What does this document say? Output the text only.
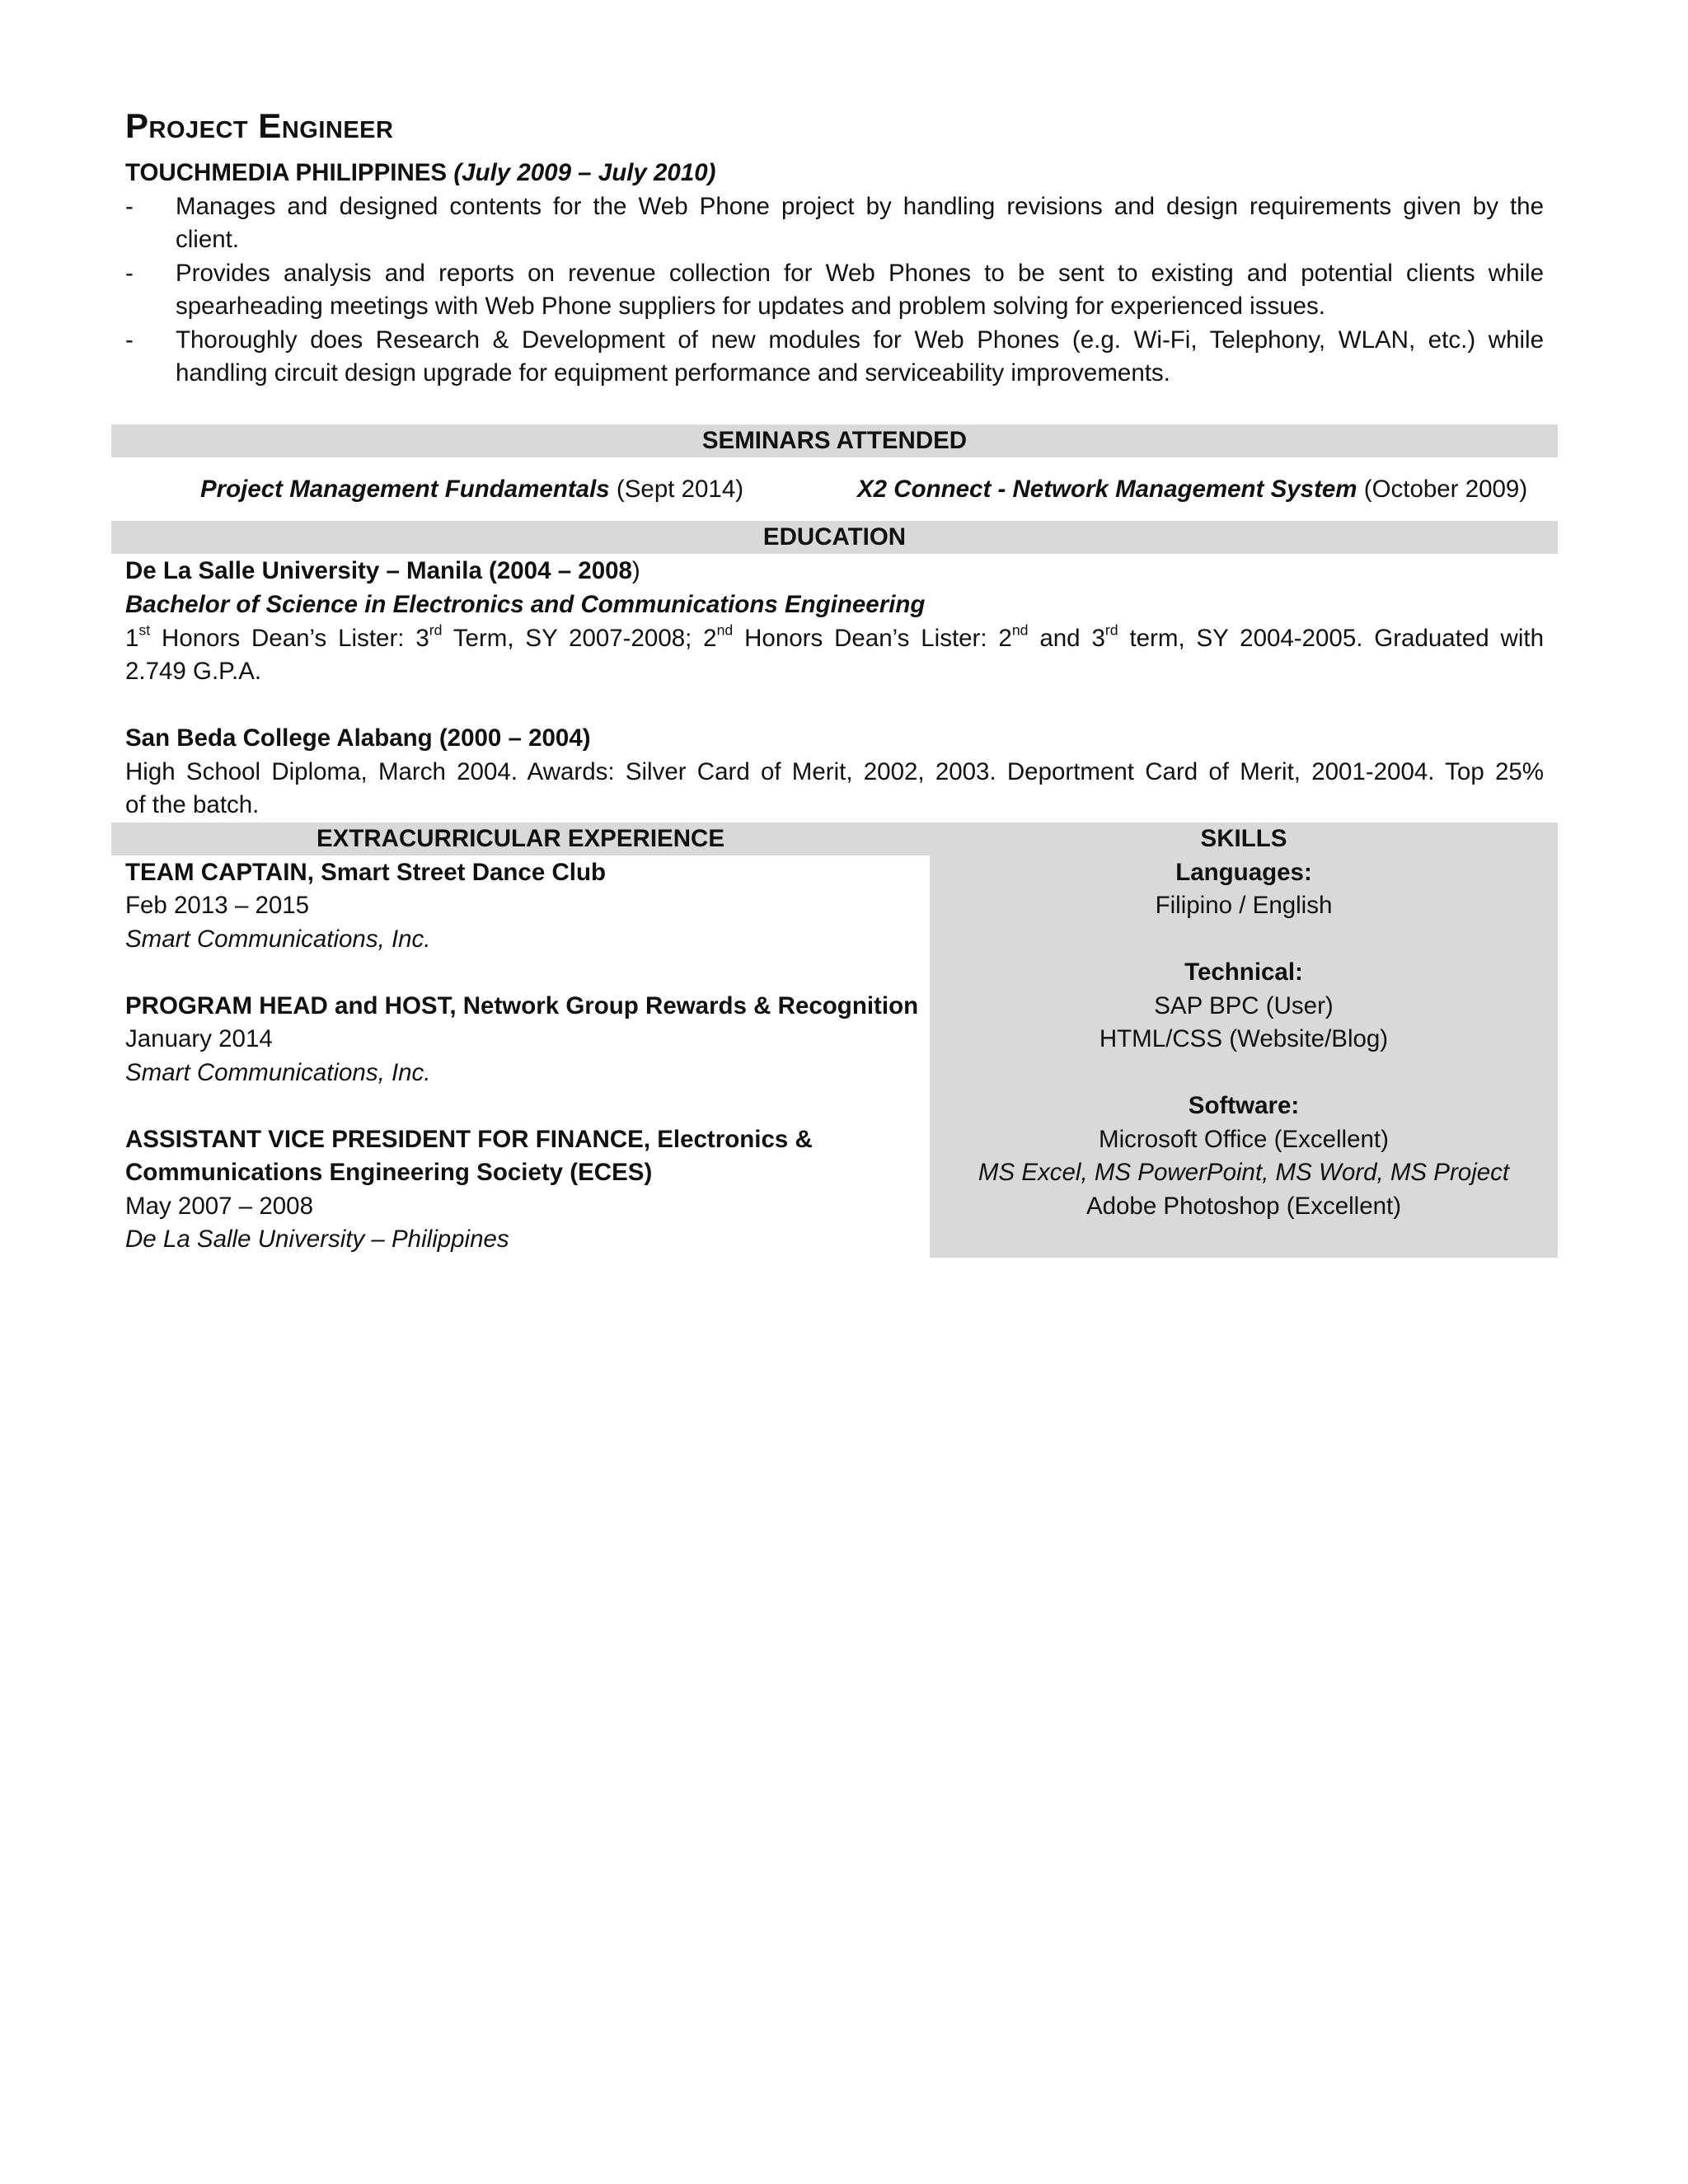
Project Engineer
TOUCHMEDIA PHILIPPINES (July 2009 – July 2010)
- Manages and designed contents for the Web Phone project by handling revisions and design requirements given by the
client.
- Provides analysis and reports on revenue collection for Web Phones to be sent to existing and potential clients while
spearheading meetings with Web Phone suppliers for updates and problem solving for experienced issues.
- Thoroughly does Research & Development of new modules for Web Phones (e.g. Wi-Fi, Telephony, WLAN, etc.) while
handling circuit design upgrade for equipment performance and serviceability improvements.
SEMINARS ATTENDED
Project Management Fundamentals (Sept 2014)	X2 Connect - Network Management System (October 2009)
EDUCATION
De La Salle University – Manila (2004 – 2008)
Bachelor of Science in Electronics and Communications Engineering
1st Honors Dean’s Lister: 3rd Term, SY 2007-2008; 2nd Honors Dean’s Lister: 2nd and 3rd term, SY 2004-2005. Graduated with
2.749 G.P.A.
San Beda College Alabang (2000 – 2004)
High School Diploma, March 2004. Awards: Silver Card of Merit, 2002, 2003. Deportment Card of Merit, 2001-2004. Top 25%
of the batch.
EXTRACURRICULAR EXPERIENCE	SKILLS
TEAM CAPTAIN, Smart Street Dance Club
Feb 2013 – 2015
Smart Communications, Inc.
PROGRAM HEAD and HOST, Network Group Rewards & Recognition
January 2014
Smart Communications, Inc.
ASSISTANT VICE PRESIDENT FOR FINANCE, Electronics &
Communications Engineering Society (ECES)
May 2007 – 2008
De La Salle University – Philippines
Languages:
Filipino / English
Technical:
SAP BPC (User)
HTML/CSS (Website/Blog)
Software:
Microsoft Office (Excellent)
MS Excel, MS PowerPoint, MS Word, MS Project
Adobe Photoshop (Excellent)
